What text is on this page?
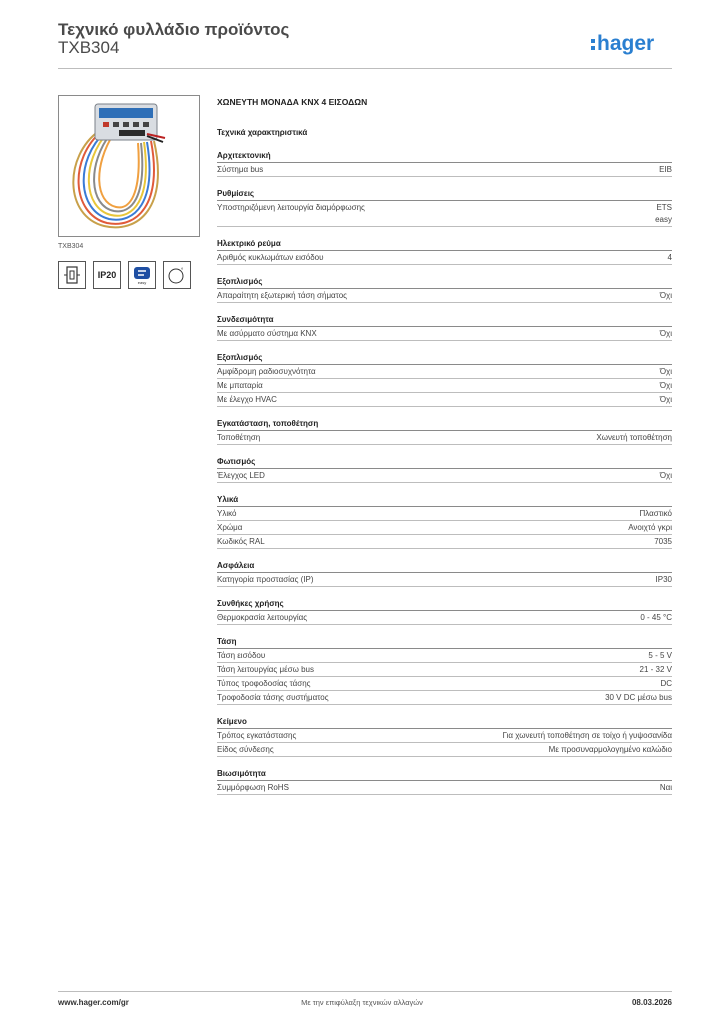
Τεχνικό φυλλάδιο προϊόντος
TXB304	hager
TXB304
IP20
easy
°
ΧΩΝΕΥΤΗ ΜΟΝΑΔΑ KNX 4 ΕΙΣΟΔΩΝ
Τεχνικά χαρακτηριστικά
Αρχιτεκτονική
Σύστημα bus	EIB
Ρυθμίσεις
Υποστηριζόμενη λειτουργία διαμόρφωσης	ETS
easy
Ηλεκτρικό ρεύμα
Αριθμός κυκλωμάτων εισόδου	4
Εξοπλισμός
Απαραίτητη εξωτερική τάση σήματος	Όχι
Συνδεσιμότητα
Με ασύρματο σύστημα KNX	Όχι
Εξοπλισμός
Αμφίδρομη ραδιοσυχνότητα	Όχι
Με μπαταρία	Όχι
Με έλεγχο HVAC	Όχι
Εγκατάσταση, τοποθέτηση
Τοποθέτηση	Χωνευτή τοποθέτηση
Φωτισμός
Έλεγχος LED	Όχι
Υλικά
Υλικό	Πλαστικό
Χρώμα	Ανοιχτό γκρι
Κωδικός RAL	7035
Ασφάλεια
Κατηγορία προστασίας (IP)	IP30
Συνθήκες χρήσης
Θερμοκρασία λειτουργίας	0 - 45 °C
Τάση
Τάση εισόδου	5 - 5 V
Τάση λειτουργίας μέσω bus	21 - 32 V
Τύπος τροφοδοσίας τάσης	DC
Τροφοδοσία τάσης συστήματος	30 V DC μέσω bus
Κείμενο
Τρόπος εγκατάστασης	Για χωνευτή τοποθέτηση σε τοίχο ή γυψοσανίδα
Είδος σύνδεσης	Με προσυναρμολογημένο καλώδιο
Βιωσιμότητα
Συμμόρφωση RoHS	Ναι
www.hager.com/gr	Με την επιφύλαξη τεχνικών αλλαγών	08.03.2026
